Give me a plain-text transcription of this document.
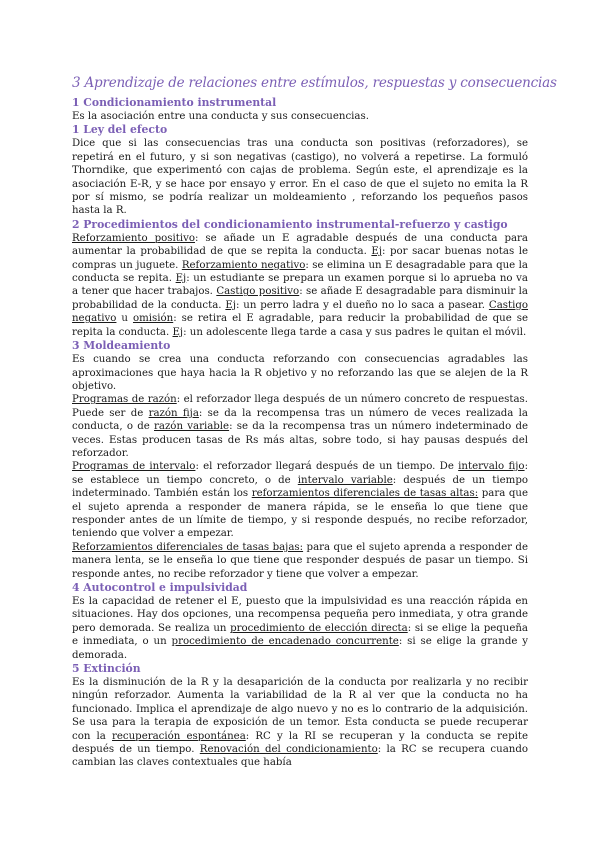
3 Aprendizaje de relaciones entre estímulos, respuestas y consecuencias
1 Condicionamiento instrumental

Es la asociación entre una conducta y sus consecuencias.

1 Ley del efecto

Dice que si las consecuencias tras una conducta son positivas (reforzadores), se repetirá en el futuro, y si son negativas (castigo), no volverá a repetirse. La formuló Thorndike, que experimentó con cajas de problema. Según este, el aprendizaje es la asociación E-R, y se hace por ensayo y error. En el caso de que el sujeto no emita la R por sí mismo, se podría realizar un moldeamiento , reforzando los pequeños pasos hasta la R.

2 Procedimientos del condicionamiento instrumental-refuerzo y castigo

Reforzamiento positivo: se añade un E agradable después de una conducta para aumentar la probabilidad de que se repita la conducta. Ej: por sacar buenas notas le compras un juguete. Reforzamiento negativo: se elimina un E desagradable para que la conducta se repita. Ej: un estudiante se prepara un examen porque si lo aprueba no va a tener que hacer trabajos. Castigo positivo: se añade E desagradable para disminuir la probabilidad de la conducta. Ej: un perro ladra y el dueño no lo saca a pasear. Castigo negativo u omisión: se retira el E agradable, para reducir la probabilidad de que se repita la conducta. Ej: un adolescente llega tarde a casa y sus padres le quitan el móvil.

3 Moldeamiento

Es cuando se crea una conducta reforzando con consecuencias agradables las aproximaciones que haya hacia la R objetivo y no reforzando las que se alejen de la R objetivo.

Programas de razón: el reforzador llega después de un número concreto de respuestas. Puede ser de razón fija: se da la recompensa tras un número de veces realizada la conducta, o de razón variable: se da la recompensa tras un número indeterminado de veces. Estas producen tasas de Rs más altas, sobre todo, si hay pausas después del reforzador.

Programas de intervalo: el reforzador llegará después de un tiempo. De intervalo fijo: se establece un tiempo concreto, o de intervalo variable: después de un tiempo indeterminado. También están los reforzamientos diferenciales de tasas altas: para que el sujeto aprenda a responder de manera rápida, se le enseña lo que tiene que responder antes de un límite de tiempo, y si responde después, no recibe reforzador, teniendo que volver a empezar.

Reforzamientos diferenciales de tasas bajas: para que el sujeto aprenda a responder de manera lenta, se le enseña lo que tiene que responder después de pasar un tiempo. Si responde antes, no recibe reforzador y tiene que volver a empezar.

4 Autocontrol e impulsividad

Es la capacidad de retener el E, puesto que la impulsividad es una reacción rápida en situaciones. Hay dos opciones, una recompensa pequeña pero inmediata, y otra grande pero demorada. Se realiza un procedimiento de elección directa: si se elige la pequeña e inmediata, o un procedimiento de encadenado concurrente: si se elige la grande y demorada.

5 Extinción

Es la disminución de la R y la desaparición de la conducta por realizarla y no recibir ningún reforzador. Aumenta la variabilidad de la R al ver que la conducta no ha funcionado. Implica el aprendizaje de algo nuevo y no es lo contrario de la adquisición. Se usa para la terapia de exposición de un temor. Esta conducta se puede recuperar con la recuperación espontánea: RC y la RI se recuperan y la conducta se repite después de un tiempo. Renovación del condicionamiento: la RC se recupera cuando cambian las claves contextuales que había
